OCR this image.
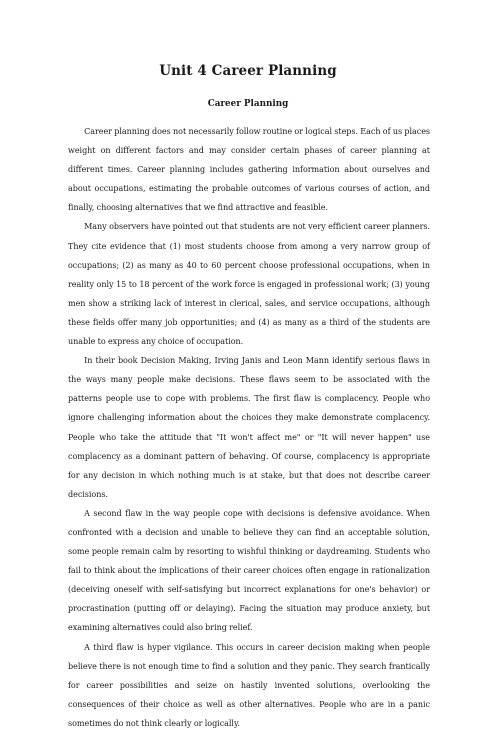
Unit 4 Career Planning
Career Planning

Career planning does not necessarily follow routine or logical steps. Each of us places weight on different factors and may consider certain phases of career planning at different times. Career planning includes gathering information about ourselves and about occupations, estimating the probable outcomes of various courses of action, and finally, choosing alternatives that we find attractive and feasible.

Many observers have pointed out that students are not very efficient career planners. They cite evidence that (1) most students choose from among a very narrow group of occupations; (2) as many as 40 to 60 percent choose professional occupations, when in reality only 15 to 18 percent of the work force is engaged in professional work; (3) young men show a striking lack of interest in clerical, sales, and service occupations, although these fields offer many job opportunities; and (4) as many as a third of the students are unable to express any choice of occupation.

In their book Decision Making, Irving Janis and Leon Mann identify serious flaws in the ways many people make decisions. These flaws seem to be associated with the patterns people use to cope with problems. The first flaw is complacency. People who ignore challenging information about the choices they make demonstrate complacency. People who take the attitude that "It won't affect me" or "It will never happen" use complacency as a dominant pattern of behaving. Of course, complacency is appropriate for any decision in which nothing much is at stake, but that does not describe career decisions.

A second flaw in the way people cope with decisions is defensive avoidance. When confronted with a decision and unable to believe they can find an acceptable solution, some people remain calm by resorting to wishful thinking or daydreaming. Students who fail to think about the implications of their career choices often engage in rationalization (deceiving oneself with self-satisfying but incorrect explanations for one's behavior) or procrastination (putting off or delaying). Facing the situation may produce anxiety, but examining alternatives could also bring relief.

A third flaw is hyper vigilance. This occurs in career decision making when people believe there is not enough time to find a solution and they panic. They search frantically for career possibilities and seize on hastily invented solutions, overlooking the consequences of their choice as well as other alternatives. People who are in a panic sometimes do not think clearly or logically.
